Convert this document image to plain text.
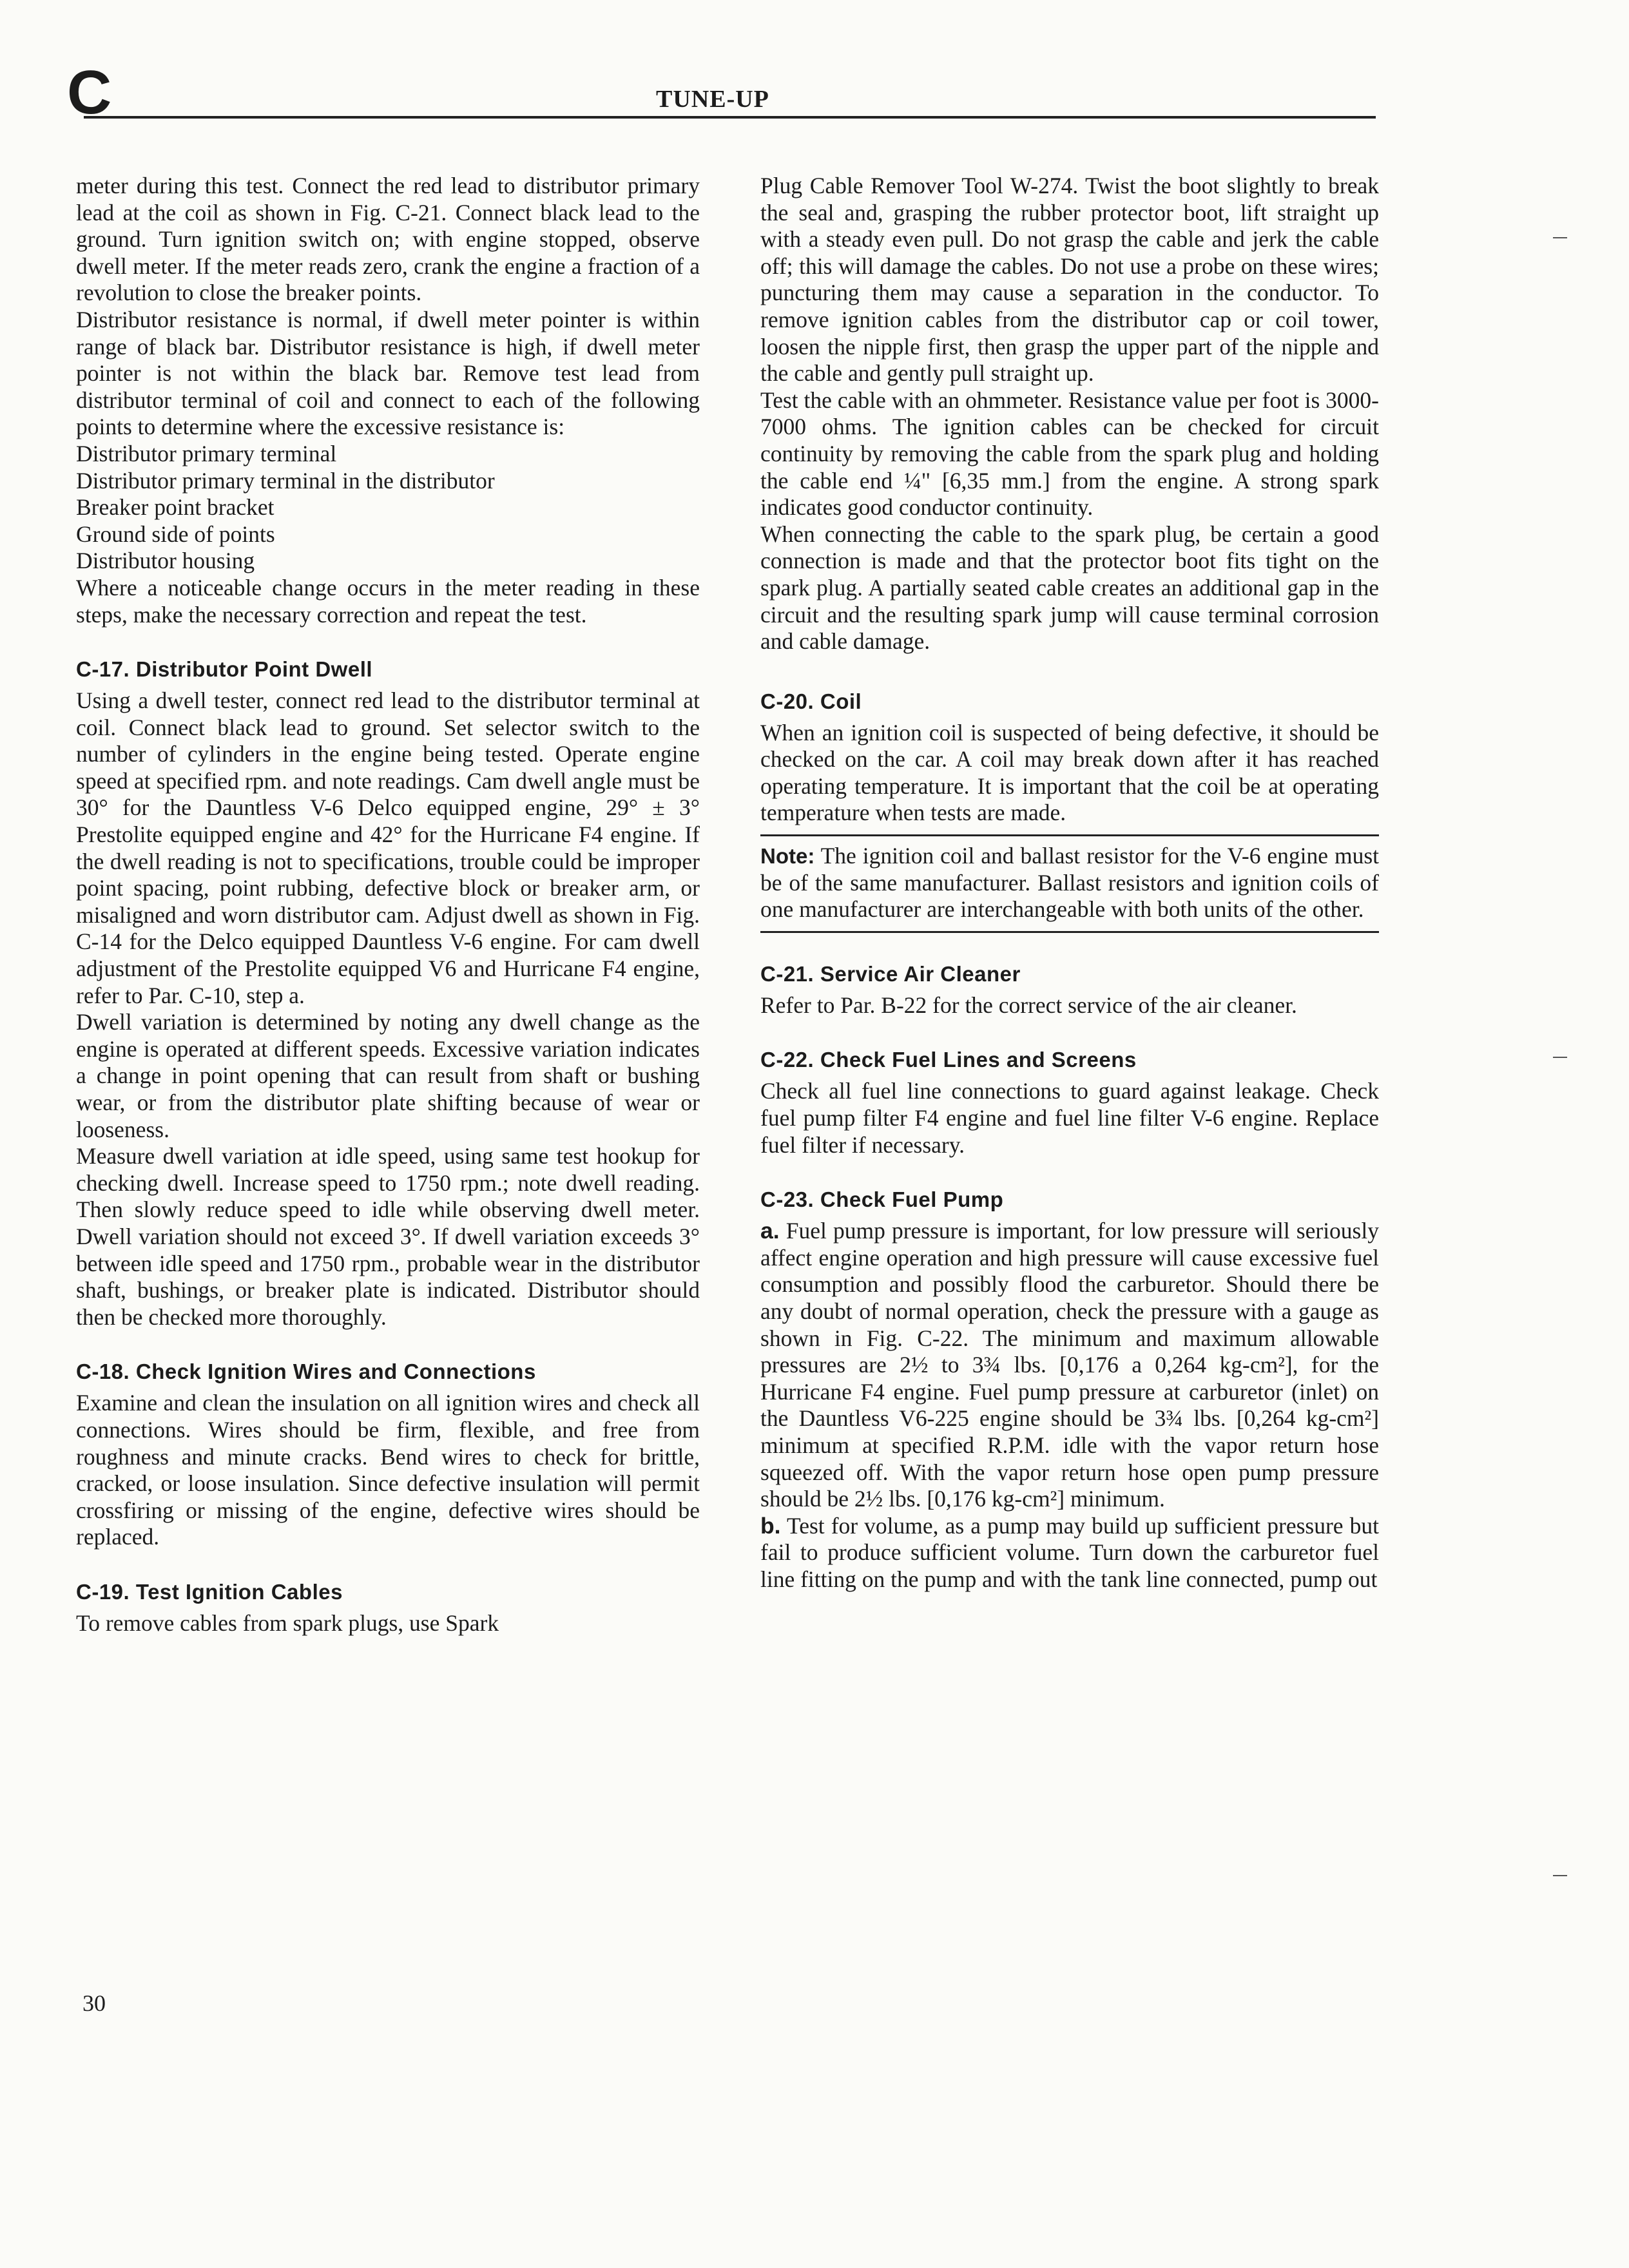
C	TUNE-UP

meter during this test. Connect the red lead to distributor primary lead at the coil as shown in Fig. C-21. Connect black lead to the ground. Turn ignition switch on; with engine stopped, observe dwell meter. If the meter reads zero, crank the engine a fraction of a revolution to close the breaker points.

Distributor resistance is normal, if dwell meter pointer is within range of black bar. Distributor resistance is high, if dwell meter pointer is not within the black bar. Remove test lead from distributor terminal of coil and connect to each of the following points to determine where the excessive resistance is:

Distributor primary terminal
Distributor primary terminal in the distributor
Breaker point bracket
Ground side of points
Distributor housing

Where a noticeable change occurs in the meter reading in these steps, make the necessary correction and repeat the test.

C-17. Distributor Point Dwell

Using a dwell tester, connect red lead to the distributor terminal at coil. Connect black lead to ground. Set selector switch to the number of cylinders in the engine being tested. Operate engine speed at specified rpm. and note readings. Cam dwell angle must be 30° for the Dauntless V-6 Delco equipped engine, 29° ± 3° Prestolite equipped engine and 42° for the Hurricane F4 engine. If the dwell reading is not to specifications, trouble could be improper point spacing, point rubbing, defective block or breaker arm, or misaligned and worn distributor cam. Adjust dwell as shown in Fig. C-14 for the Delco equipped Dauntless V-6 engine. For cam dwell adjustment of the Prestolite equipped V6 and Hurricane F4 engine, refer to Par. C-10, step a.

Dwell variation is determined by noting any dwell change as the engine is operated at different speeds. Excessive variation indicates a change in point opening that can result from shaft or bushing wear, or from the distributor plate shifting because of wear or looseness.

Measure dwell variation at idle speed, using same test hookup for checking dwell. Increase speed to 1750 rpm.; note dwell reading. Then slowly reduce speed to idle while observing dwell meter. Dwell variation should not exceed 3°. If dwell variation exceeds 3° between idle speed and 1750 rpm., probable wear in the distributor shaft, bushings, or breaker plate is indicated. Distributor should then be checked more thoroughly.

C-18. Check Ignition Wires and Connections

Examine and clean the insulation on all ignition wires and check all connections. Wires should be firm, flexible, and free from roughness and minute cracks. Bend wires to check for brittle, cracked, or loose insulation. Since defective insulation will permit crossfiring or missing of the engine, defective wires should be replaced.

C-19. Test Ignition Cables

To remove cables from spark plugs, use Spark

Plug Cable Remover Tool W-274. Twist the boot slightly to break the seal and, grasping the rubber protector boot, lift straight up with a steady even pull. Do not grasp the cable and jerk the cable off; this will damage the cables. Do not use a probe on these wires; puncturing them may cause a separation in the conductor. To remove ignition cables from the distributor cap or coil tower, loosen the nipple first, then grasp the upper part of the nipple and the cable and gently pull straight up.

Test the cable with an ohmmeter. Resistance value per foot is 3000-7000 ohms. The ignition cables can be checked for circuit continuity by removing the cable from the spark plug and holding the cable end ¼" [6,35 mm.] from the engine. A strong spark indicates good conductor continuity.

When connecting the cable to the spark plug, be certain a good connection is made and that the protector boot fits tight on the spark plug. A partially seated cable creates an additional gap in the circuit and the resulting spark jump will cause terminal corrosion and cable damage.

C-20. Coil

When an ignition coil is suspected of being defective, it should be checked on the car. A coil may break down after it has reached operating temperature. It is important that the coil be at operating temperature when tests are made.

Note: The ignition coil and ballast resistor for the V-6 engine must be of the same manufacturer. Ballast resistors and ignition coils of one manufacturer are interchangeable with both units of the other.

C-21. Service Air Cleaner

Refer to Par. B-22 for the correct service of the air cleaner.

C-22. Check Fuel Lines and Screens

Check all fuel line connections to guard against leakage. Check fuel pump filter F4 engine and fuel line filter V-6 engine. Replace fuel filter if necessary.

C-23. Check Fuel Pump

a. Fuel pump pressure is important, for low pressure will seriously affect engine operation and high pressure will cause excessive fuel consumption and possibly flood the carburetor. Should there be any doubt of normal operation, check the pressure with a gauge as shown in Fig. C-22. The minimum and maximum allowable pressures are 2½ to 3¾ lbs. [0,176 a 0,264 kg-cm²], for the Hurricane F4 engine. Fuel pump pressure at carburetor (inlet) on the Dauntless V6-225 engine should be 3¾ lbs. [0,264 kg-cm²] minimum at specified R.P.M. idle with the vapor return hose squeezed off. With the vapor return hose open pump pressure should be 2½ lbs. [0,176 kg-cm²] minimum.

b. Test for volume, as a pump may build up sufficient pressure but fail to produce sufficient volume. Turn down the carburetor fuel line fitting on the pump and with the tank line connected, pump out

30
